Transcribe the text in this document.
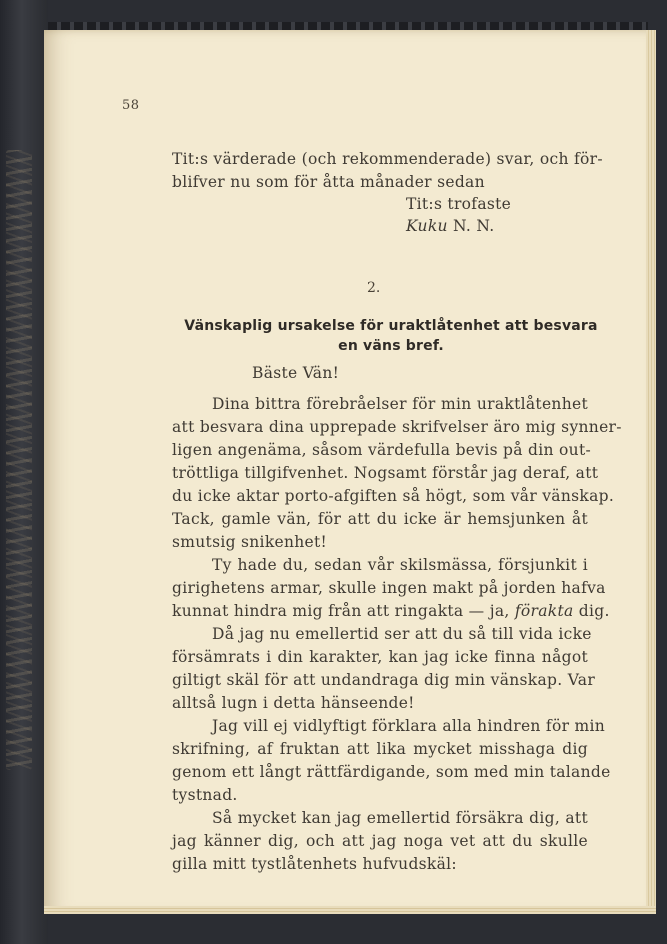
58
Tit:s värderade (och rekommenderade) svar, och för-
blifver nu som för åtta månader sedan
Tit:s trofaste
Kuku N. N.
2.
Vänskaplig ursakelse för uraktlåtenhet att besvara
en väns bref.
Bäste Vän!
Dina bittra förebråelser för min uraktlåtenhet
att besvara dina upprepade skrifvelser äro mig synner-
ligen angenäma, såsom värdefulla bevis på din out-
tröttliga tillgifvenhet. Nogsamt förstår jag deraf, att
du icke aktar porto-afgiften så högt, som vår vänskap.
Tack, gamle vän, för att du icke är hemsjunken åt
smutsig snikenhet!
Ty hade du, sedan vår skilsmässa, försjunkit i
girighetens armar, skulle ingen makt på jorden hafva
kunnat hindra mig från att ringakta — ja, förakta dig.
Då jag nu emellertid ser att du så till vida icke
försämrats i din karakter, kan jag icke finna något
giltigt skäl för att undandraga dig min vänskap. Var
alltså lugn i detta hänseende!
Jag vill ej vidlyftigt förklara alla hindren för min
skrifning, af fruktan att lika mycket misshaga dig
genom ett långt rättfärdigande, som med min talande
tystnad.
Så mycket kan jag emellertid försäkra dig, att
jag känner dig, och att jag noga vet att du skulle
gilla mitt tystlåtenhets hufvudskäl:
